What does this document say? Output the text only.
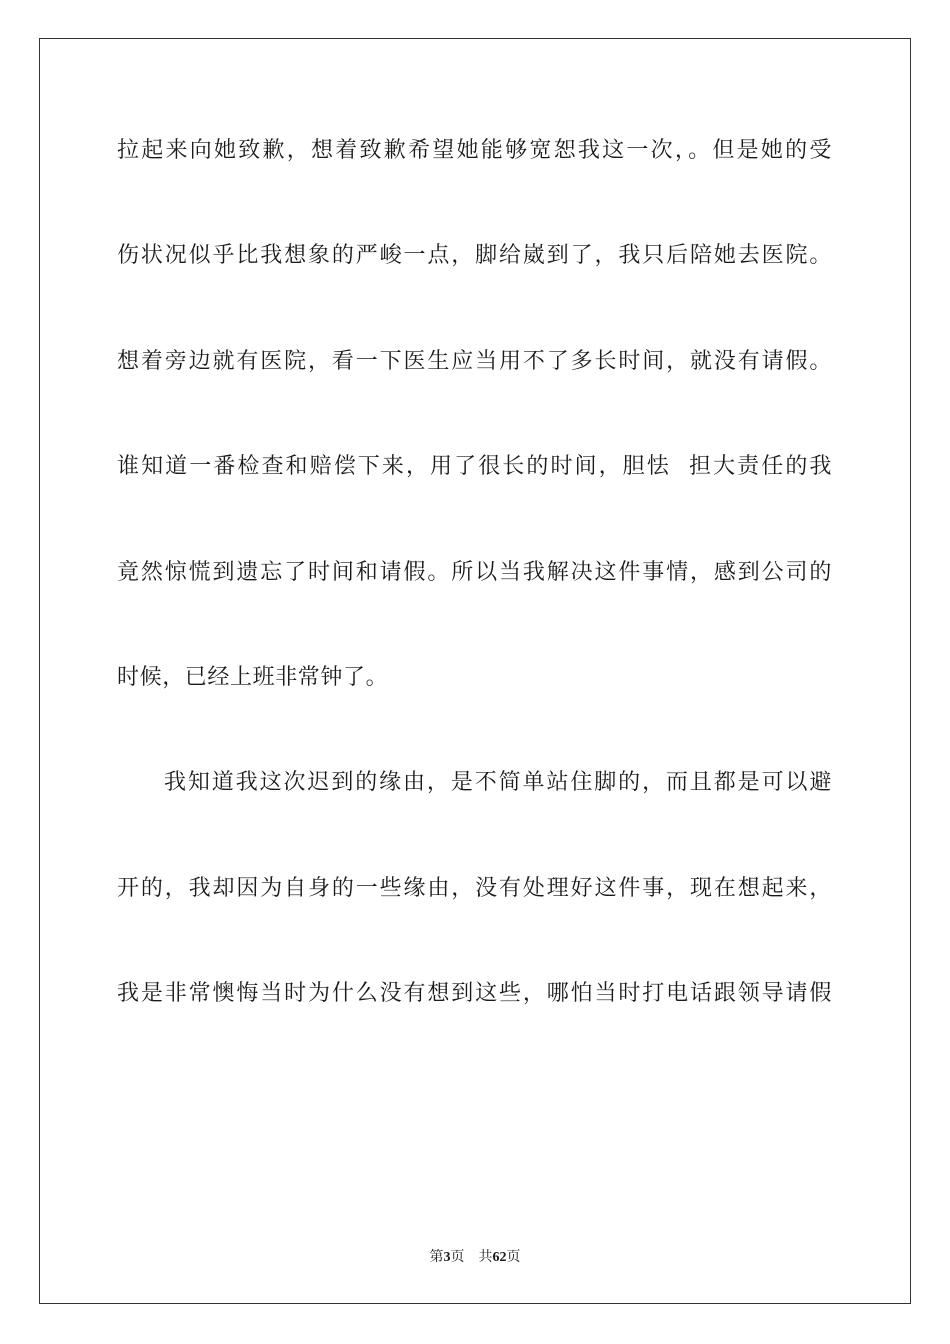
拉起来向她致歉，想着致歉希望她能够宽恕我这一次，。但是她的受
伤状况似乎比我想象的严峻一点，脚给崴到了，我只后陪她去医院。
想着旁边就有医院，看一下医生应当用不了多长时间，就没有请假。
谁知道一番检查和赔偿下来，用了很长的时间，胆怯  担大责任的我
竟然惊慌到遗忘了时间和请假。所以当我解决这件事情，感到公司的
时候，已经上班非常钟了。
我知道我这次迟到的缘由，是不简单站住脚的，而且都是可以避
开的，我却因为自身的一些缘由，没有处理好这件事，现在想起来，
我是非常懊悔当时为什么没有想到这些，哪怕当时打电话跟领导请假
第3页 共62页
